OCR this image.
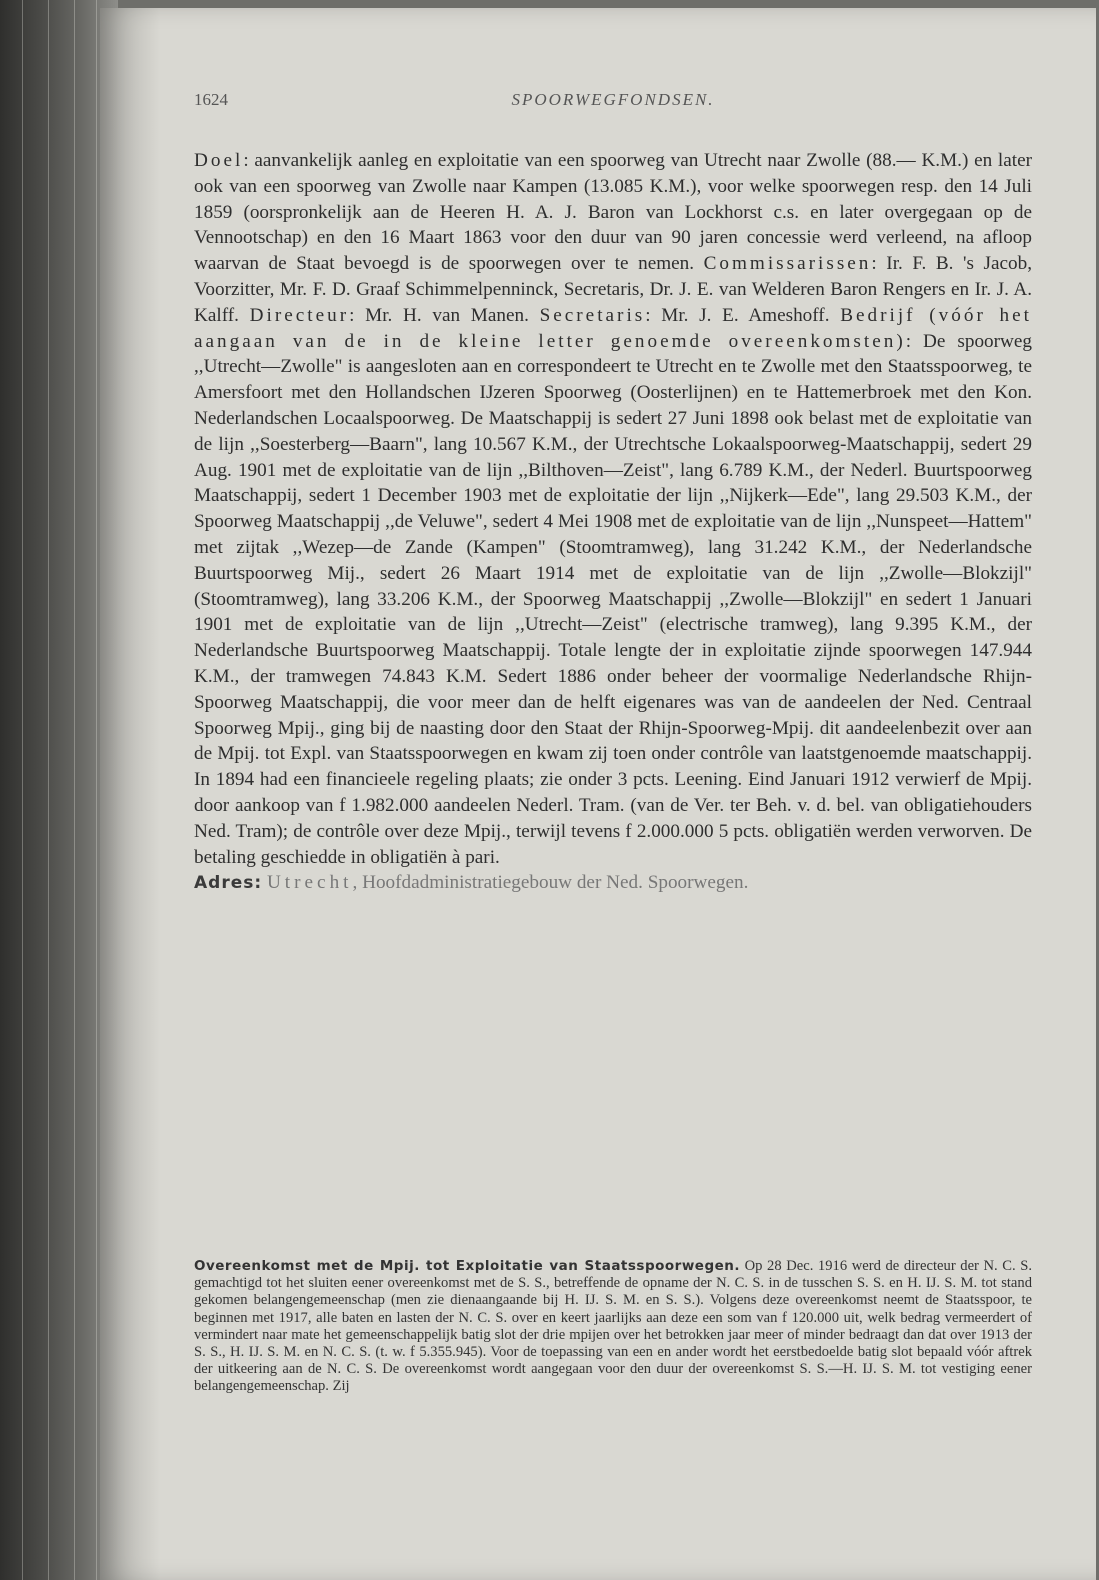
1624	SPOORWEGFONDSEN.

Doel: aanvankelijk aanleg en exploitatie van een spoorweg van Utrecht naar Zwolle (88.— K.M.) en later ook van een spoorweg van Zwolle naar Kampen (13.085 K.M.), voor welke spoorwegen resp. den 14 Juli 1859 (oorspronkelijk aan de Heeren H. A. J. Baron van Lockhorst c.s. en later overgegaan op de Vennootschap) en den 16 Maart 1863 voor den duur van 90 jaren concessie werd verleend, na afloop waarvan de Staat bevoegd is de spoorwegen over te nemen. Commissarissen: Ir. F. B. 's Jacob, Voorzitter, Mr. F. D. Graaf Schimmelpenninck, Secretaris, Dr. J. E. van Welderen Baron Rengers en Ir. J. A. Kalff. Directeur: Mr. H. van Manen. Secretaris: Mr. J. E. Ameshoff. Bedrijf (vóór het aangaan van de in de kleine letter genoemde overeenkomsten): De spoorweg ,,Utrecht—Zwolle" is aangesloten aan en correspondeert te Utrecht en te Zwolle met den Staatsspoorweg, te Amersfoort met den Hollandschen IJzeren Spoorweg (Oosterlijnen) en te Hattemerbroek met den Kon. Nederlandschen Locaalspoorweg. De Maatschappij is sedert 27 Juni 1898 ook belast met de exploitatie van de lijn ,,Soesterberg—Baarn", lang 10.567 K.M., der Utrechtsche Lokaalspoorweg-Maatschappij, sedert 29 Aug. 1901 met de exploitatie van de lijn ,,Bilthoven—Zeist", lang 6.789 K.M., der Nederl. Buurtspoorweg Maatschappij, sedert 1 December 1903 met de exploitatie der lijn ,,Nijkerk—Ede", lang 29.503 K.M., der Spoorweg Maatschappij ,,de Veluwe", sedert 4 Mei 1908 met de exploitatie van de lijn ,,Nunspeet—Hattem" met zijtak ,,Wezep—de Zande (Kampen" (Stoomtramweg), lang 31.242 K.M., der Nederlandsche Buurtspoorweg Mij., sedert 26 Maart 1914 met de exploitatie van de lijn ,,Zwolle—Blokzijl" (Stoomtramweg), lang 33.206 K.M., der Spoorweg Maatschappij ,,Zwolle—Blokzijl" en sedert 1 Januari 1901 met de exploitatie van de lijn ,,Utrecht—Zeist" (electrische tramweg), lang 9.395 K.M., der Nederlandsche Buurtspoorweg Maatschappij. Totale lengte der in exploitatie zijnde spoorwegen 147.944 K.M., der tramwegen 74.843 K.M. Sedert 1886 onder beheer der voormalige Nederlandsche Rhijn-Spoorweg Maatschappij, die voor meer dan de helft eigenares was van de aandeelen der Ned. Centraal Spoorweg Mpij., ging bij de naasting door den Staat der Rhijn-Spoorweg-Mpij. dit aandeelenbezit over aan de Mpij. tot Expl. van Staatsspoorwegen en kwam zij toen onder contrôle van laatstgenoemde maatschappij. In 1894 had een financieele regeling plaats; zie onder 3 pcts. Leening. Eind Januari 1912 verwierf de Mpij. door aankoop van f 1.982.000 aandeelen Nederl. Tram. (van de Ver. ter Beh. v. d. bel. van obligatiehouders Ned. Tram); de contrôle over deze Mpij., terwijl tevens f 2.000.000 5 pcts. obligatiën werden verworven. De betaling geschiedde in obligatiën à pari.

Adres: Utrecht, Hoofdadministratiegebouw der Ned. Spoorwegen.

Overeenkomst met de Mpij. tot Exploitatie van Staatsspoorwegen. Op 28 Dec. 1916 werd de directeur der N. C. S. gemachtigd tot het sluiten eener overeenkomst met de S. S., betreffende de opname der N. C. S. in de tusschen S. S. en H. IJ. S. M. tot stand gekomen belangengemeenschap (men zie dienaangaande bij H. IJ. S. M. en S. S.). Volgens deze overeenkomst neemt de Staatsspoor, te beginnen met 1917, alle baten en lasten der N. C. S. over en keert jaarlijks aan deze een som van f 120.000 uit, welk bedrag vermeerdert of vermindert naar mate het gemeenschappelijk batig slot der drie mpijen over het betrokken jaar meer of minder bedraagt dan dat over 1913 der S. S., H. IJ. S. M. en N. C. S. (t. w. f 5.355.945). Voor de toepassing van een en ander wordt het eerstbedoelde batig slot bepaald vóór aftrek der uitkeering aan de N. C. S. De overeenkomst wordt aangegaan voor den duur der overeenkomst S. S.—H. IJ. S. M. tot vestiging eener belangengemeenschap. Zij
